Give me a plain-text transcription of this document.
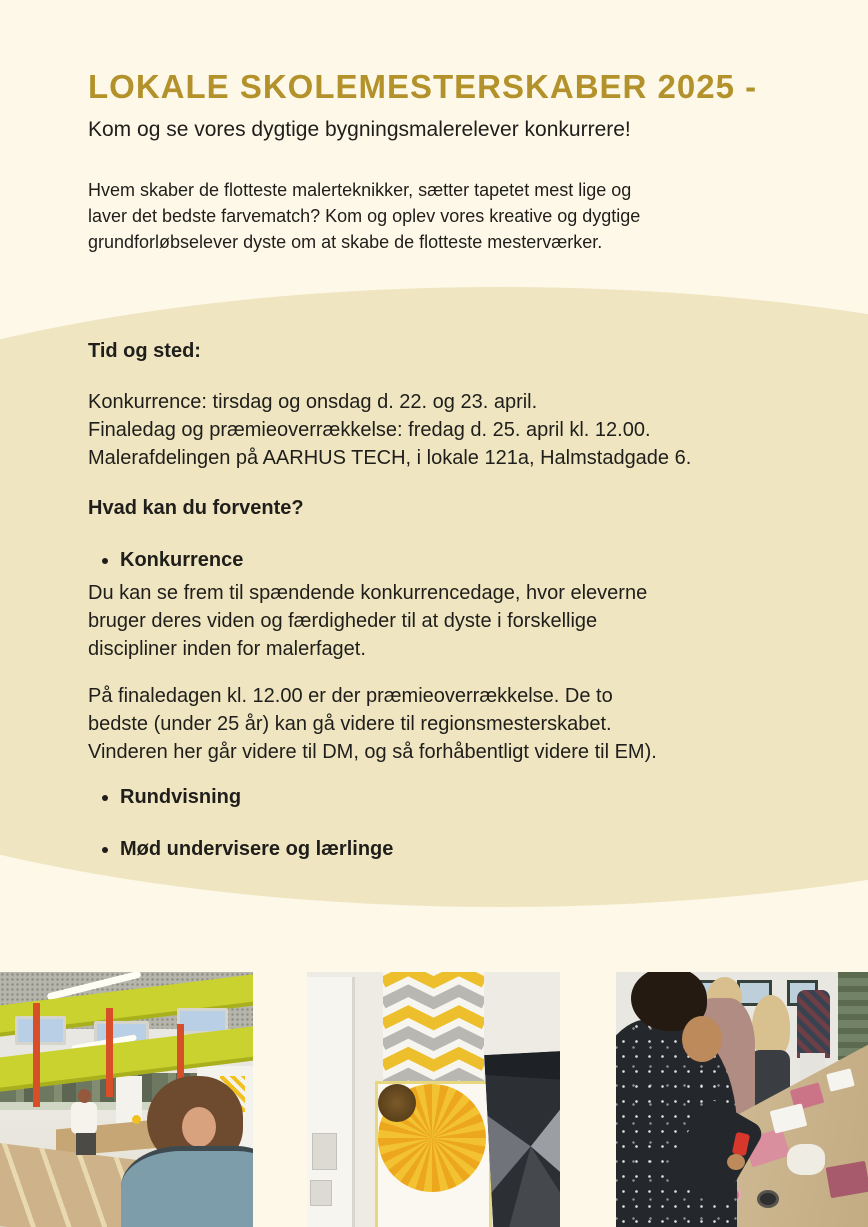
LOKALE SKOLEMESTERSKABER 2025 -
Kom og se vores dygtige bygningsmalerelever konkurrere!
Hvem skaber de flotteste malerteknikker, sætter tapetet mest lige og
laver det bedste farvematch? Kom og oplev vores kreative og dygtige
grundforløbselever dyste om at skabe de flotteste mesterværker.
Tid og sted:
Konkurrence: tirsdag og onsdag d. 22. og 23. april.
Finaledag og præmieoverrækkelse: fredag d. 25. april kl. 12.00.
Malerafdelingen på AARHUS TECH, i lokale 121a, Halmstadgade 6.
Hvad kan du forvente?
Konkurrence
Du kan se frem til spændende konkurrencedage, hvor eleverne
bruger deres viden og færdigheder til at dyste i forskellige
discipliner inden for malerfaget.
På finaledagen kl. 12.00 er der præmieoverrækkelse. De to
bedste (under 25 år) kan gå videre til regionsmesterskabet.
Vinderen her går videre til DM, og så forhåbentligt videre til EM).
Rundvisning
Mød undervisere og lærlinge
